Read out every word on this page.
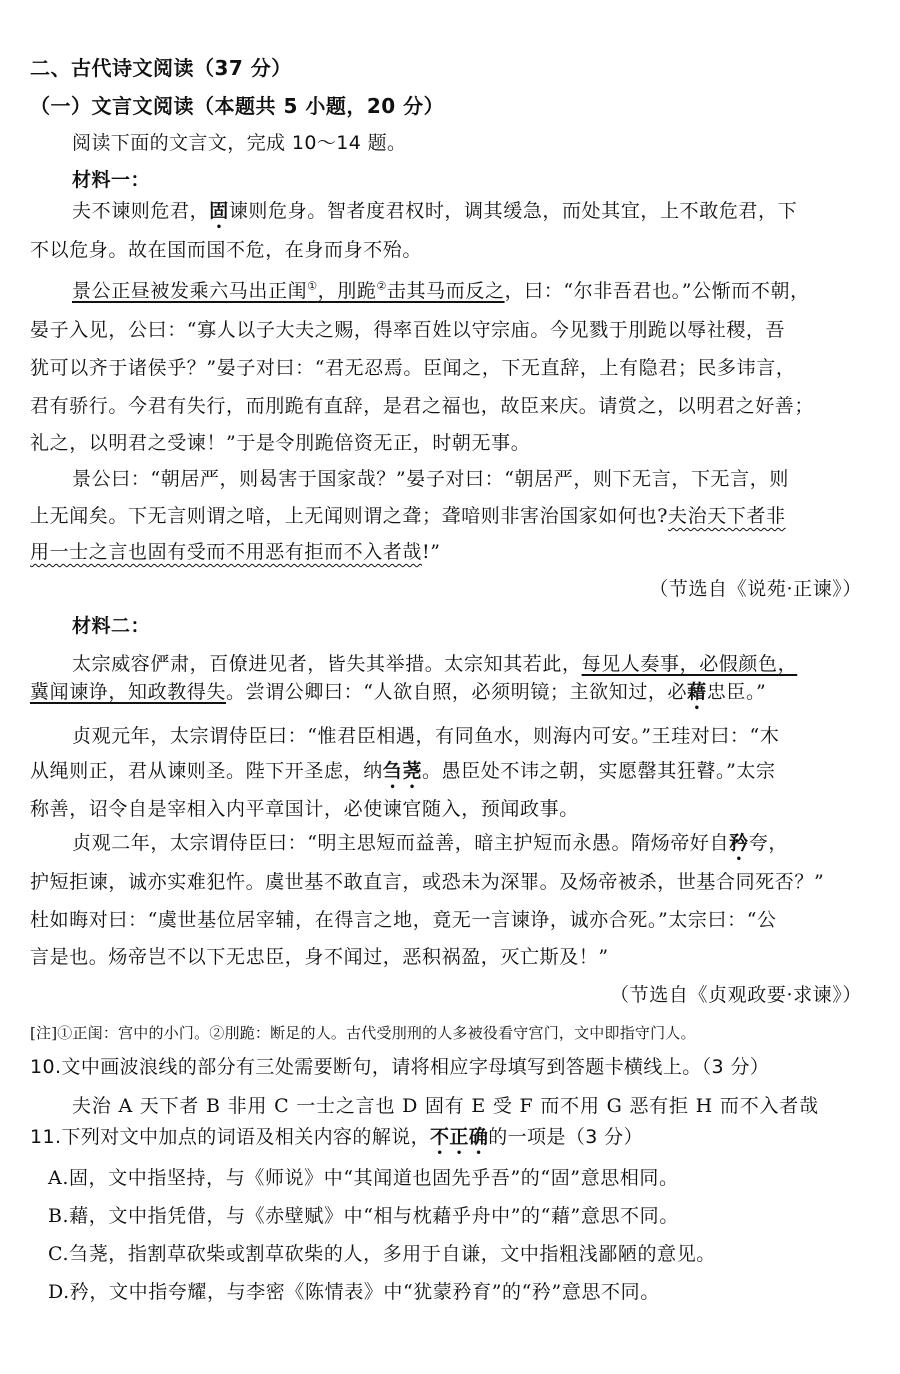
二、古代诗文阅读（37 分）
（一）文言文阅读（本题共 5 小题，20 分）
阅读下面的文言文，完成 10～14 题。
材料一：
夫不谏则危君，固谏则危身。智者度君权时，调其缓急，而处其宜，上不敢危君，下
不以危身。故在国而国不危，在身而身不殆。
景公正昼被发乘六马出正闺①，刖跪②击其马而反之，曰：“尔非吾君也。”公惭而不朝，
晏子入见，公曰：“寡人以子大夫之赐，得率百姓以守宗庙。今见戮于刖跪以辱社稷，吾
犹可以齐于诸侯乎？”晏子对曰：“君无忍焉。臣闻之，下无直辞，上有隐君；民多讳言，
君有骄行。今君有失行，而刖跪有直辞，是君之福也，故臣来庆。请赏之，以明君之好善；
礼之，以明君之受谏！”于是令刖跪倍资无正，时朝无事。
景公曰：“朝居严，则曷害于国家哉？”晏子对曰：“朝居严，则下无言，下无言，则
上无闻矣。下无言则谓之喑，上无闻则谓之聋；聋喑则非害治国家如何也?夫治天下者非
用一士之言也固有受而不用恶有拒而不入者哉!”
（节选自《说苑·正谏》）
材料二：
太宗威容俨肃，百僚进见者，皆失其举措。太宗知其若此，每见人奏事，必假颜色，
冀闻谏诤，知政教得失。尝谓公卿曰：“人欲自照，必须明镜；主欲知过，必藉忠臣。”
贞观元年，太宗谓侍臣曰：“惟君臣相遇，有同鱼水，则海内可安。”王珪对曰：“木
从绳则正，君从谏则圣。陛下开圣虑，纳刍荛。愚臣处不讳之朝，实愿罄其狂瞽。”太宗
称善，诏令自是宰相入内平章国计，必使谏官随入，预闻政事。
贞观二年，太宗谓侍臣曰：“明主思短而益善，暗主护短而永愚。隋炀帝好自矜夸，
护短拒谏，诚亦实难犯忤。虞世基不敢直言，或恐未为深罪。及炀帝被杀，世基合同死否？”
杜如晦对曰：“虞世基位居宰辅，在得言之地，竟无一言谏诤，诚亦合死。”太宗曰：“公
言是也。炀帝岂不以下无忠臣，身不闻过，恶积祸盈，灭亡斯及！”
（节选自《贞观政要·求谏》）
[注]①正闺：宫中的小门。②刖跪：断足的人。古代受刖刑的人多被役看守宫门，文中即指守门人。
10.文中画波浪线的部分有三处需要断句，请将相应字母填写到答题卡横线上。（3 分）
夫治 A 天下者 B 非用 C 一士之言也 D 固有 E 受 F 而不用 G 恶有拒 H 而不入者哉
11.下列对文中加点的词语及相关内容的解说，不正确的一项是（3 分）
A.固，文中指坚持，与《师说》中“其闻道也固先乎吾”的“固”意思相同。
B.藉，文中指凭借，与《赤壁赋》中“相与枕藉乎舟中”的“藉”意思不同。
C.刍荛，指割草砍柴或割草砍柴的人，多用于自谦，文中指粗浅鄙陋的意见。
D.矜，文中指夸耀，与李密《陈情表》中“犹蒙矜育”的“矜”意思不同。
